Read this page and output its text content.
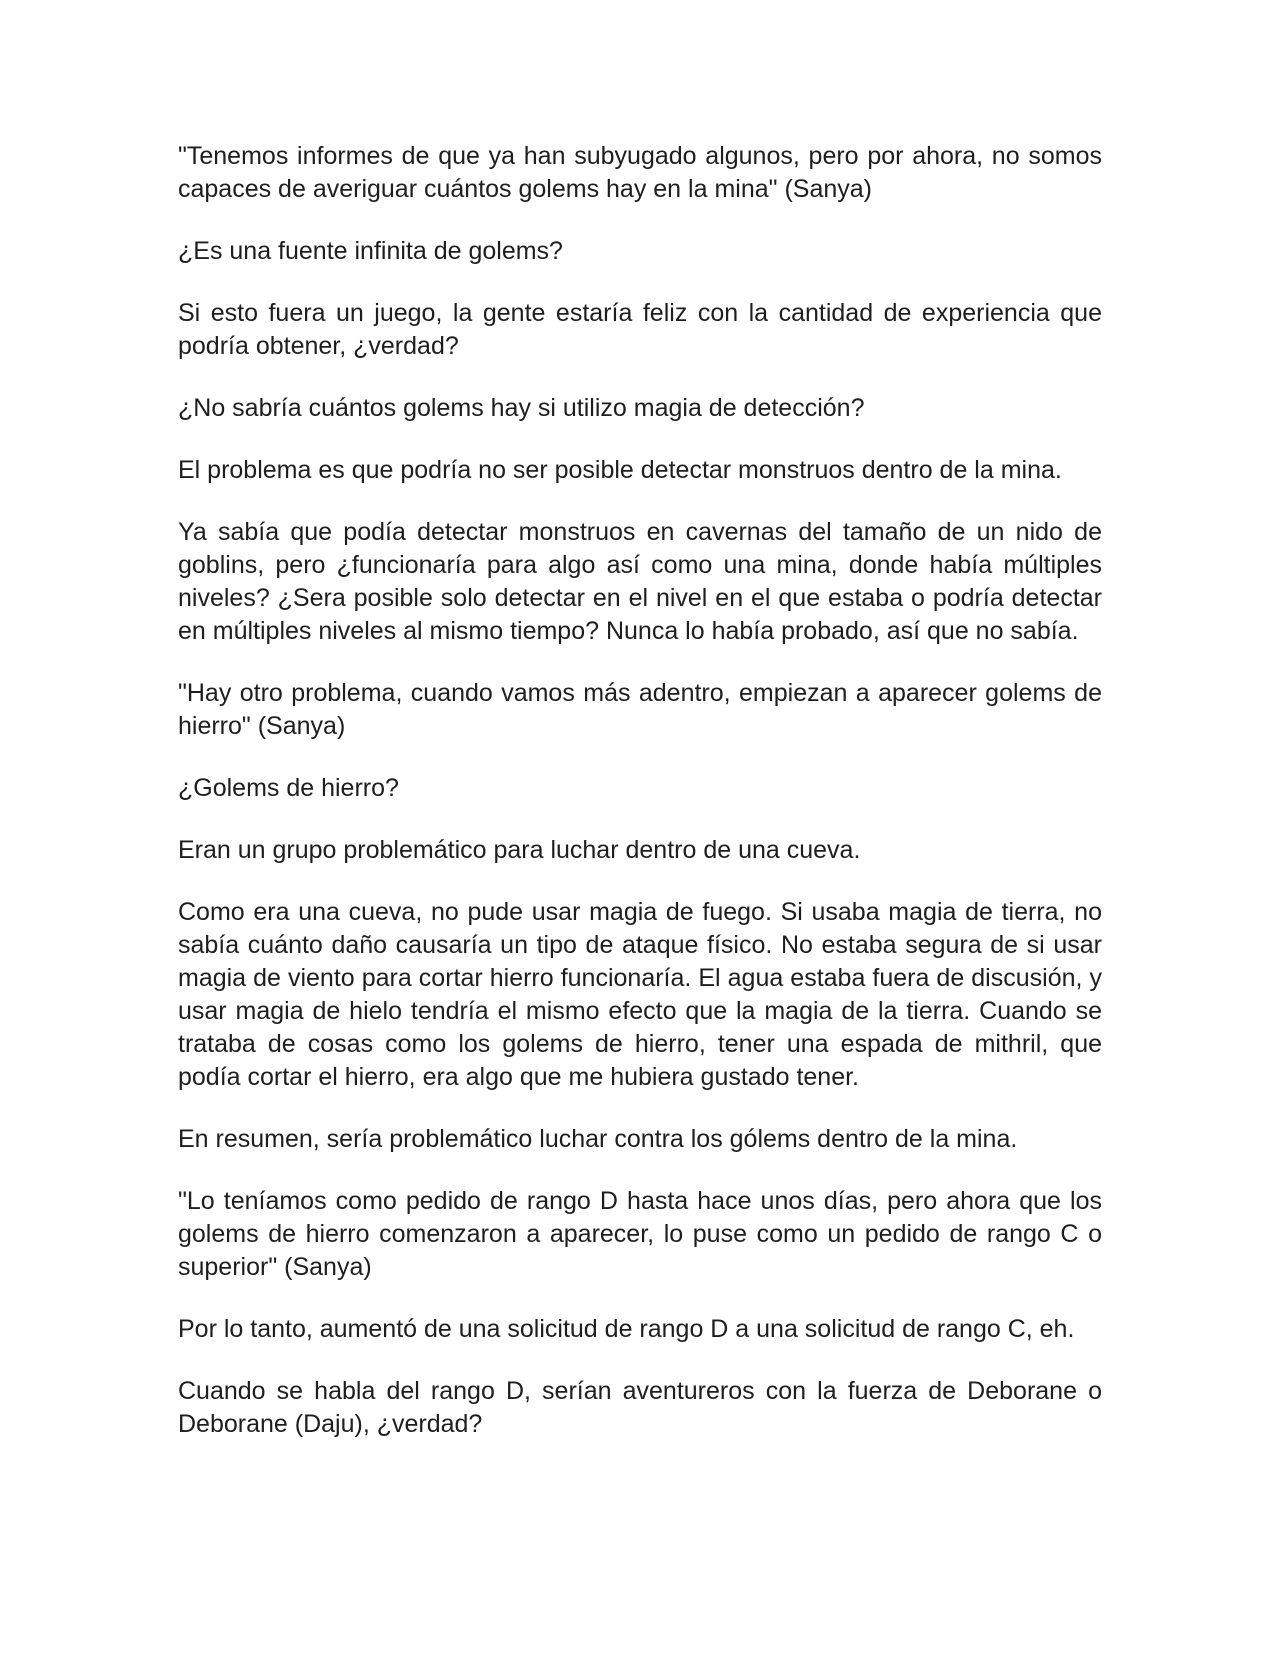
"Tenemos informes de que ya han subyugado algunos, pero por ahora, no somos capaces de averiguar cuántos golems hay en la mina" (Sanya)

¿Es una fuente infinita de golems?

Si esto fuera un juego, la gente estaría feliz con la cantidad de experiencia que podría obtener, ¿verdad?

¿No sabría cuántos golems hay si utilizo magia de detección?

El problema es que podría no ser posible detectar monstruos dentro de la mina.

Ya sabía que podía detectar monstruos en cavernas del tamaño de un nido de goblins, pero ¿funcionaría para algo así como una mina, donde había múltiples niveles? ¿Sera posible solo detectar en el nivel en el que estaba o podría detectar en múltiples niveles al mismo tiempo? Nunca lo había probado, así que no sabía.

"Hay otro problema, cuando vamos más adentro, empiezan a aparecer golems de hierro" (Sanya)

¿Golems de hierro?

Eran un grupo problemático para luchar dentro de una cueva.

Como era una cueva, no pude usar magia de fuego. Si usaba magia de tierra, no sabía cuánto daño causaría un tipo de ataque físico. No estaba segura de si usar magia de viento para cortar hierro funcionaría. El agua estaba fuera de discusión, y usar magia de hielo tendría el mismo efecto que la magia de la tierra. Cuando se trataba de cosas como los golems de hierro, tener una espada de mithril, que podía cortar el hierro, era algo que me hubiera gustado tener.

En resumen, sería problemático luchar contra los gólems dentro de la mina.

"Lo teníamos como pedido de rango D hasta hace unos días, pero ahora que los golems de hierro comenzaron a aparecer, lo puse como un pedido de rango C o superior" (Sanya)

Por lo tanto, aumentó de una solicitud de rango D a una solicitud de rango C, eh.

Cuando se habla del rango D, serían aventureros con la fuerza de Deborane o Deborane (Daju), ¿verdad?
